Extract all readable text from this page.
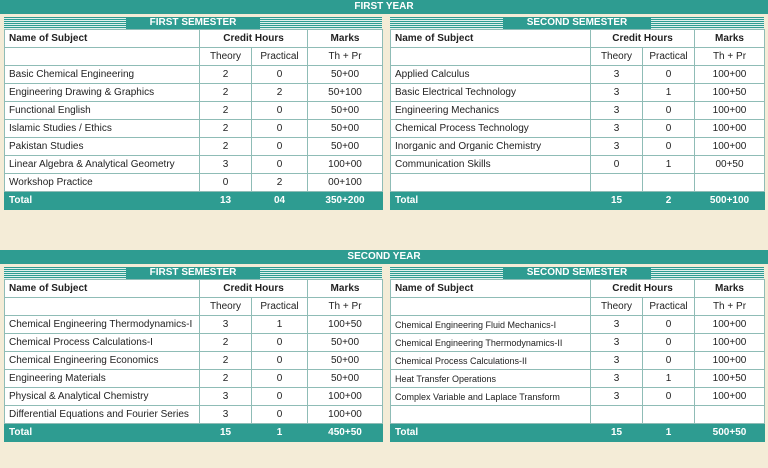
FIRST YEAR
FIRST SEMESTER
Name of Subject	Credit Hours		Marks
	Theory	Practical	Th + Pr
Basic Chemical Engineering	2	0	50+00
Engineering Drawing & Graphics	2	2	50+100
Functional English	2	0	50+00
Islamic Studies / Ethics	2	0	50+00
Pakistan Studies	2	0	50+00
Linear Algebra & Analytical Geometry	3	0	100+00
Workshop Practice	0	2	00+100
Total	13	04	350+200
SECOND SEMESTER
Name of Subject	Credit Hours		Marks
	Theory	Practical	Th + Pr
Applied Calculus	3	0	100+00
Basic Electrical Technology	3	1	100+50
Engineering Mechanics	3	0	100+00
Chemical Process Technology	3	0	100+00
Inorganic and Organic Chemistry	3	0	100+00
Communication Skills	0	1	00+50

Total	15	2	500+100
SECOND YEAR
FIRST SEMESTER
Name of Subject	Credit Hours		Marks
	Theory	Practical	Th + Pr
Chemical Engineering Thermodynamics-I	3	1	100+50
Chemical Process Calculations-I	2	0	50+00
Chemical Engineering Economics	2	0	50+00
Engineering Materials	2	0	50+00
Physical & Analytical Chemistry	3	0	100+00
Differential Equations and Fourier Series	3	0	100+00
Total	15	1	450+50
SECOND SEMESTER
Name of Subject	Credit Hours		Marks
	Theory	Practical	Th + Pr
Chemical Engineering Fluid Mechanics-I	3	0	100+00
Chemical Engineering Thermodynamics-II	3	0	100+00
Chemical Process Calculations-II	3	0	100+00
Heat Transfer Operations	3	1	100+50
Complex Variable and Laplace Transform	3	0	100+00

Total	15	1	500+50
